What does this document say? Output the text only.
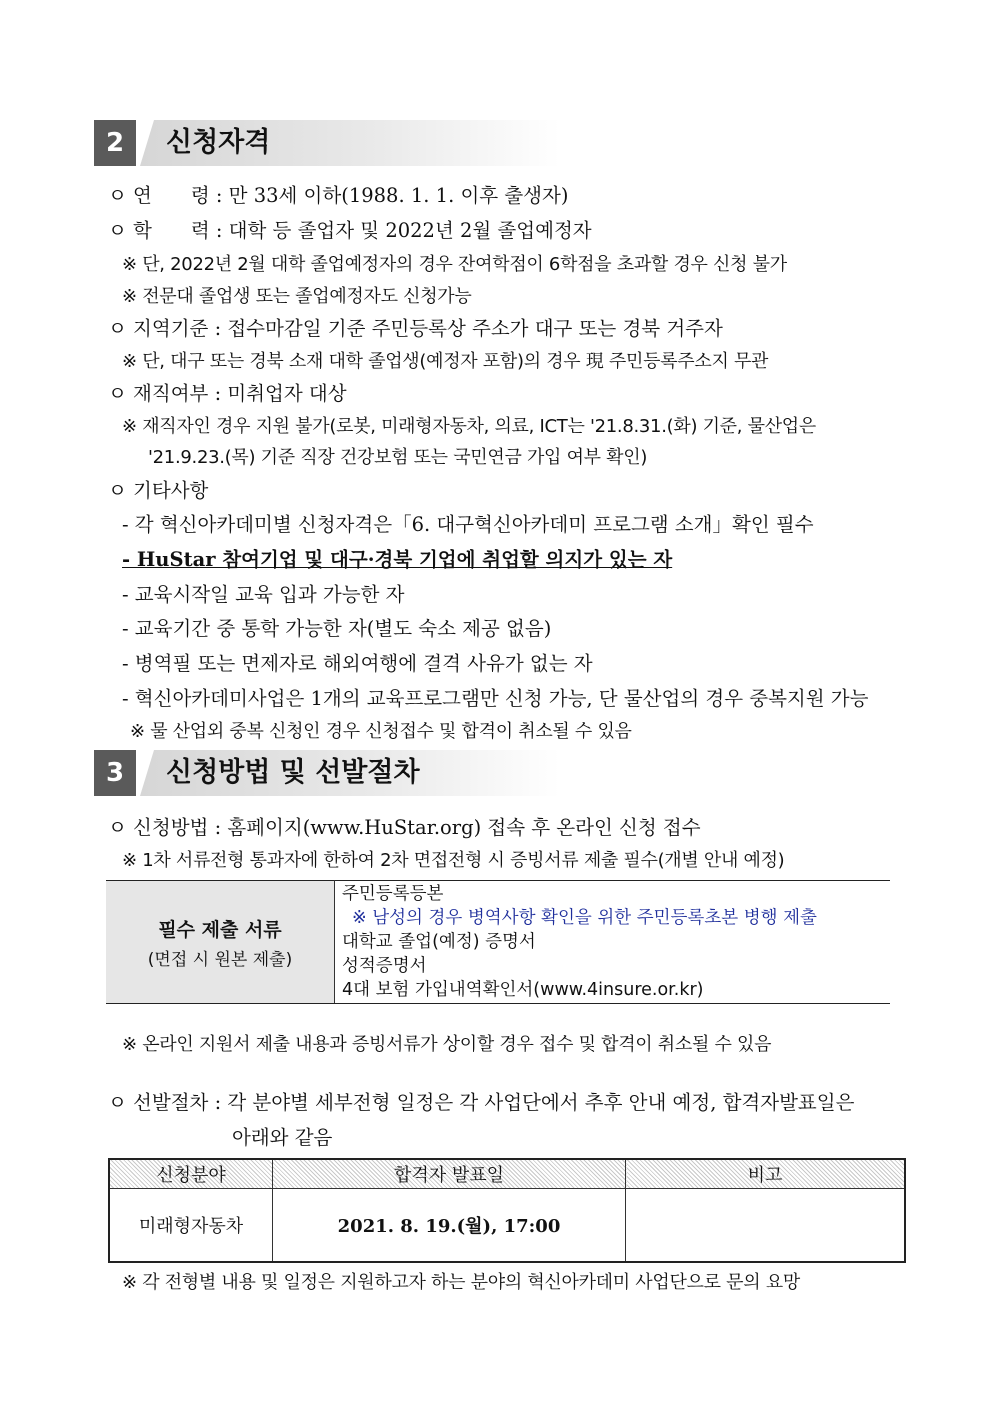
2	신청자격
ㅇ 연　　령 : 만 33세 이하(1988. 1. 1. 이후 출생자)
ㅇ 학　　력 : 대학 등 졸업자 및 2022년 2월 졸업예정자
※ 단, 2022년 2월 대학 졸업예정자의 경우 잔여학점이 6학점을 초과할 경우 신청 불가
※ 전문대 졸업생 또는 졸업예정자도 신청가능
ㅇ 지역기준 : 접수마감일 기준 주민등록상 주소가 대구 또는 경북 거주자
※ 단, 대구 또는 경북 소재 대학 졸업생(예정자 포함)의 경우 現 주민등록주소지 무관
ㅇ 재직여부 : 미취업자 대상
※ 재직자인 경우 지원 불가(로봇, 미래형자동차, 의료, ICT는 '21.8.31.(화) 기준, 물산업은
'21.9.23.(목) 기준 직장 건강보험 또는 국민연금 가입 여부 확인)
ㅇ 기타사항
- 각 혁신아카데미별 신청자격은「6. 대구혁신아카데미 프로그램 소개」확인 필수
- HuStar 참여기업 및 대구·경북 기업에 취업할 의지가 있는 자
- 교육시작일 교육 입과 가능한 자
- 교육기간 중 통학 가능한 자(별도 숙소 제공 없음)
- 병역필 또는 면제자로 해외여행에 결격 사유가 없는 자
- 혁신아카데미사업은 1개의 교육프로그램만 신청 가능, 단 물산업의 경우 중복지원 가능
※ 물 산업외 중복 신청인 경우 신청접수 및 합격이 취소될 수 있음
3	신청방법 및 선발절차
ㅇ 신청방법 : 홈페이지(www.HuStar.org) 접속 후 온라인 신청 접수
※ 1차 서류전형 통과자에 한하여 2차 면접전형 시 증빙서류 제출 필수(개별 안내 예정)
필수 제출 서류
(면접 시 원본 제출)

주민등록등본
※ 남성의 경우 병역사항 확인을 위한 주민등록초본 병행 제출
대학교 졸업(예정) 증명서
성적증명서
4대 보험 가입내역확인서(www.4insure.or.kr)
※ 온라인 지원서 제출 내용과 증빙서류가 상이할 경우 접수 및 합격이 취소될 수 있음
ㅇ 선발절차 : 각 분야별 세부전형 일정은 각 사업단에서 추후 안내 예정, 합격자발표일은
아래와 같음
신청분야	합격자 발표일	비고
미래형자동차	2021. 8. 19.(월), 17:00	
※ 각 전형별 내용 및 일정은 지원하고자 하는 분야의 혁신아카데미 사업단으로 문의 요망
